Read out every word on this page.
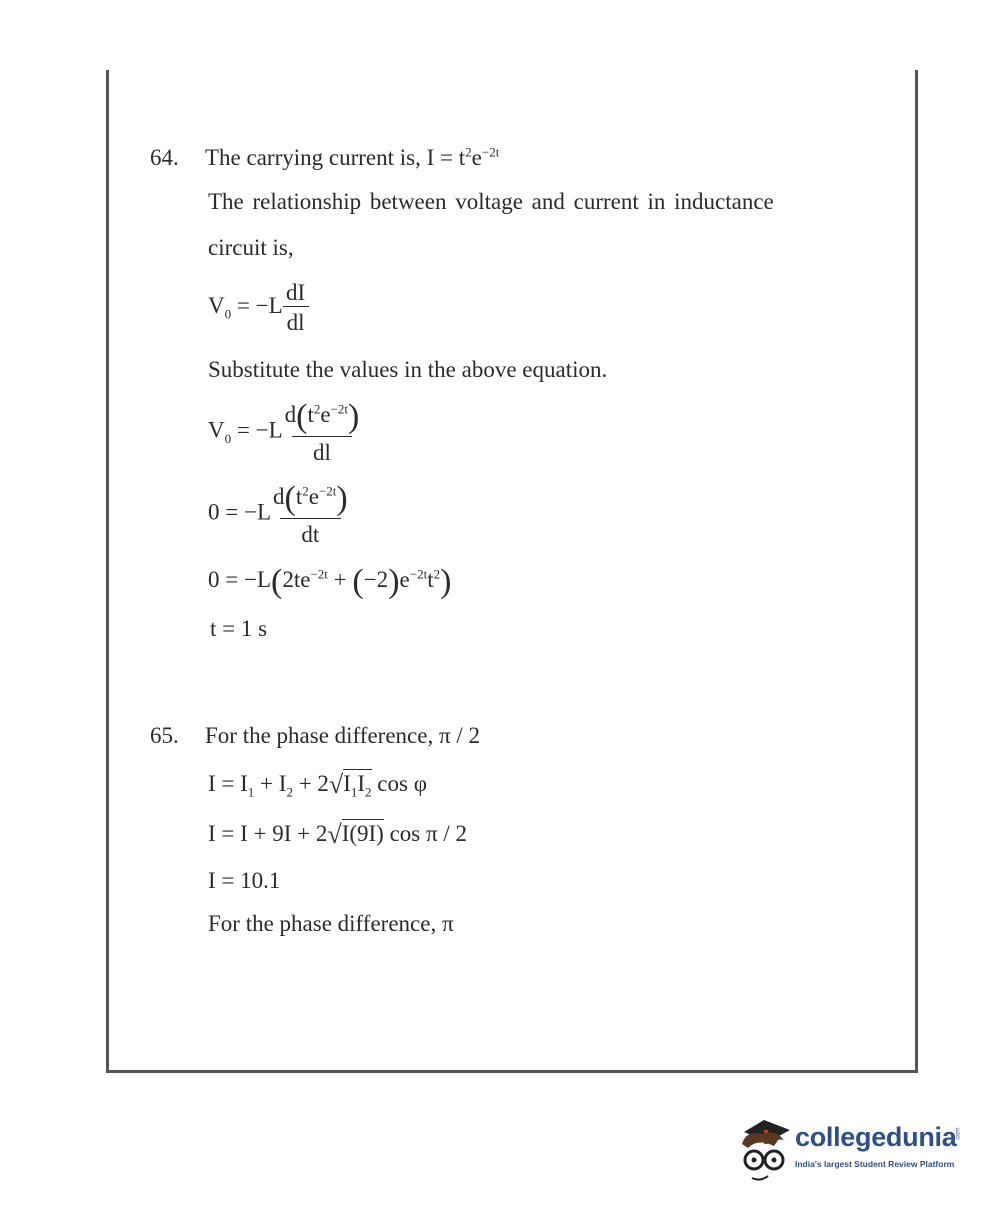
64. The carrying current is, $I = t^2e^{-2t}$
The relationship between voltage and current in inductance
circuit is,
$V_0 = -L \frac{dI}{dl}$
Substitute the values in the above equation.
$V_0 = -L \frac{d(t^2e^{-2t})}{dl}$
$0 = -L \frac{d(t^2e^{-2t})}{dt}$
$0 = -L(2te^{-2t} + (-2)e^{-2t}t^2)$
t = 1 s
65. For the phase difference, π / 2
$I = I_1 + I_2 + 2√I_1I_2$ cos φ
I = I + 9I + 2√I(9I) cos π / 2
I = 10.1
For the phase difference, π
collegedunia .com
India's largest Student Review Platform
